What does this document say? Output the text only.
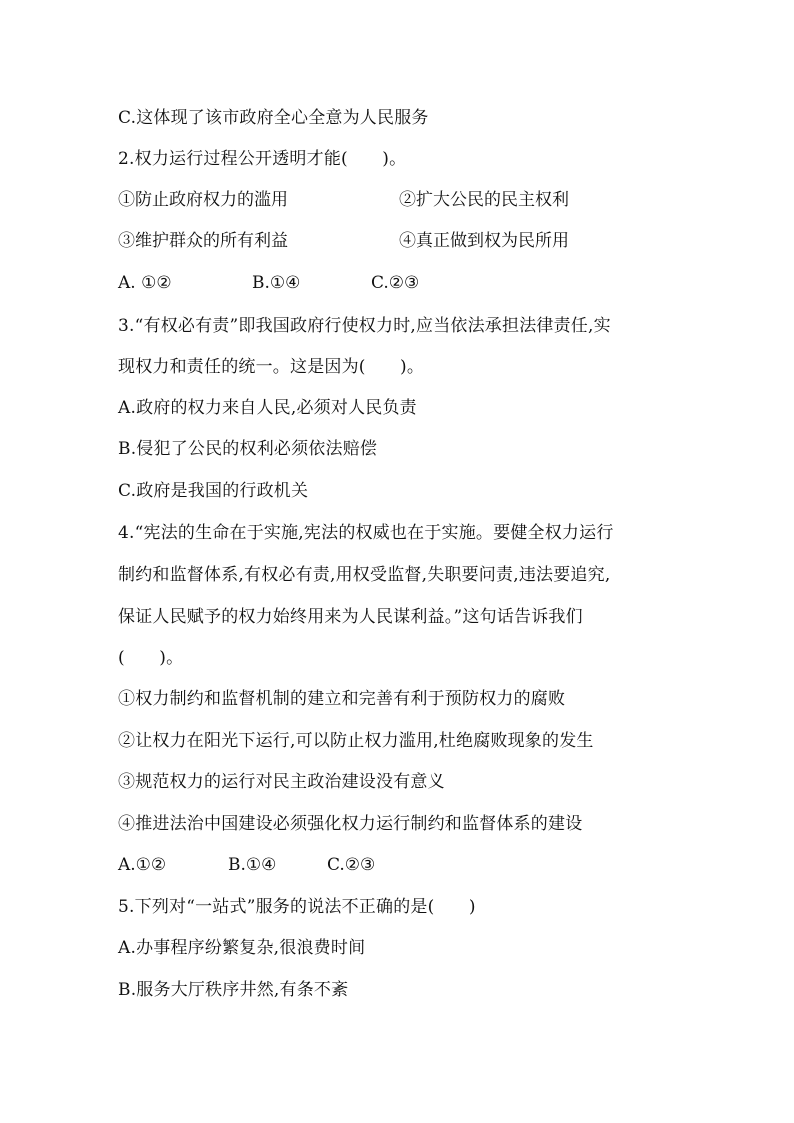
C.这体现了该市政府全心全意为人民服务
2.权力运行过程公开透明才能(　　)。

①防止政府权力的滥用

	②扩大公民的民主权利

③维护群众的所有利益

	④真正做到权为民所用

A. ①②

	B.①④

	C.②③

3.“有权必有责”即我国政府行使权力时,应当依法承担法律责任,实
现权力和责任的统一。这是因为(　　)。
A.政府的权力来自人民,必须对人民负责
B.侵犯了公民的权利必须依法赔偿
C.政府是我国的行政机关
4.“宪法的生命在于实施,宪法的权威也在于实施。要健全权力运行
制约和监督体系,有权必有责,用权受监督,失职要问责,违法要追究,
保证人民赋予的权力始终用来为人民谋利益。”这句话告诉我们
(　　)。
①权力制约和监督机制的建立和完善有利于预防权力的腐败
②让权力在阳光下运行,可以防止权力滥用,杜绝腐败现象的发生
③规范权力的运行对民主政治建设没有意义
④推进法治中国建设必须强化权力运行制约和监督体系的建设

A.①②

	B.①④

	C.②③

5.下列对“一站式”服务的说法不正确的是(　　)
A.办事程序纷繁复杂,很浪费时间
B.服务大厅秩序井然,有条不紊
